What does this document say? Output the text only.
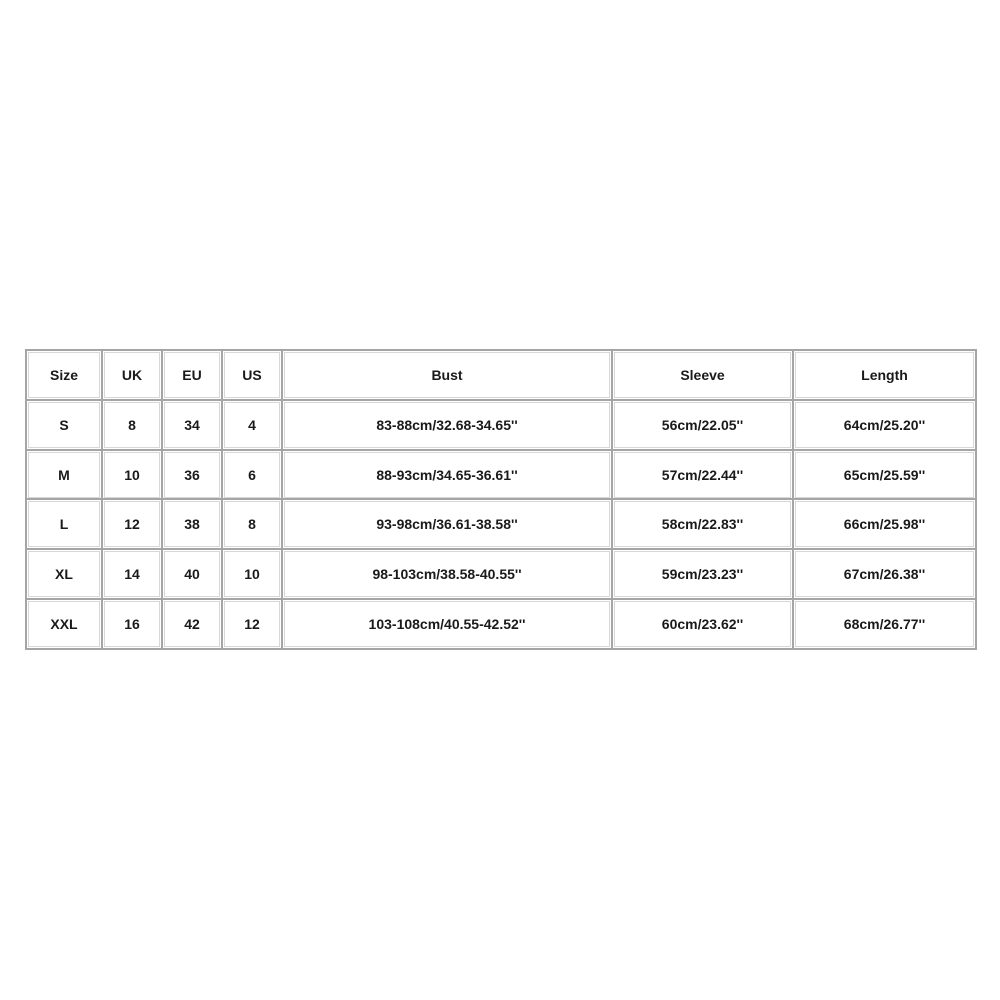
Size	UK	EU	US	Bust	Sleeve	Length

S	8	34	4	83-88cm/32.68-34.65''	56cm/22.05''	64cm/25.20''

M	10	36	6	88-93cm/34.65-36.61''	57cm/22.44''	65cm/25.59''

L	12	38	8	93-98cm/36.61-38.58''	58cm/22.83''	66cm/25.98''

XL	14	40	10	98-103cm/38.58-40.55''	59cm/23.23''	67cm/26.38''

XXL	16	42	12	103-108cm/40.55-42.52''	60cm/23.62''	68cm/26.77''
